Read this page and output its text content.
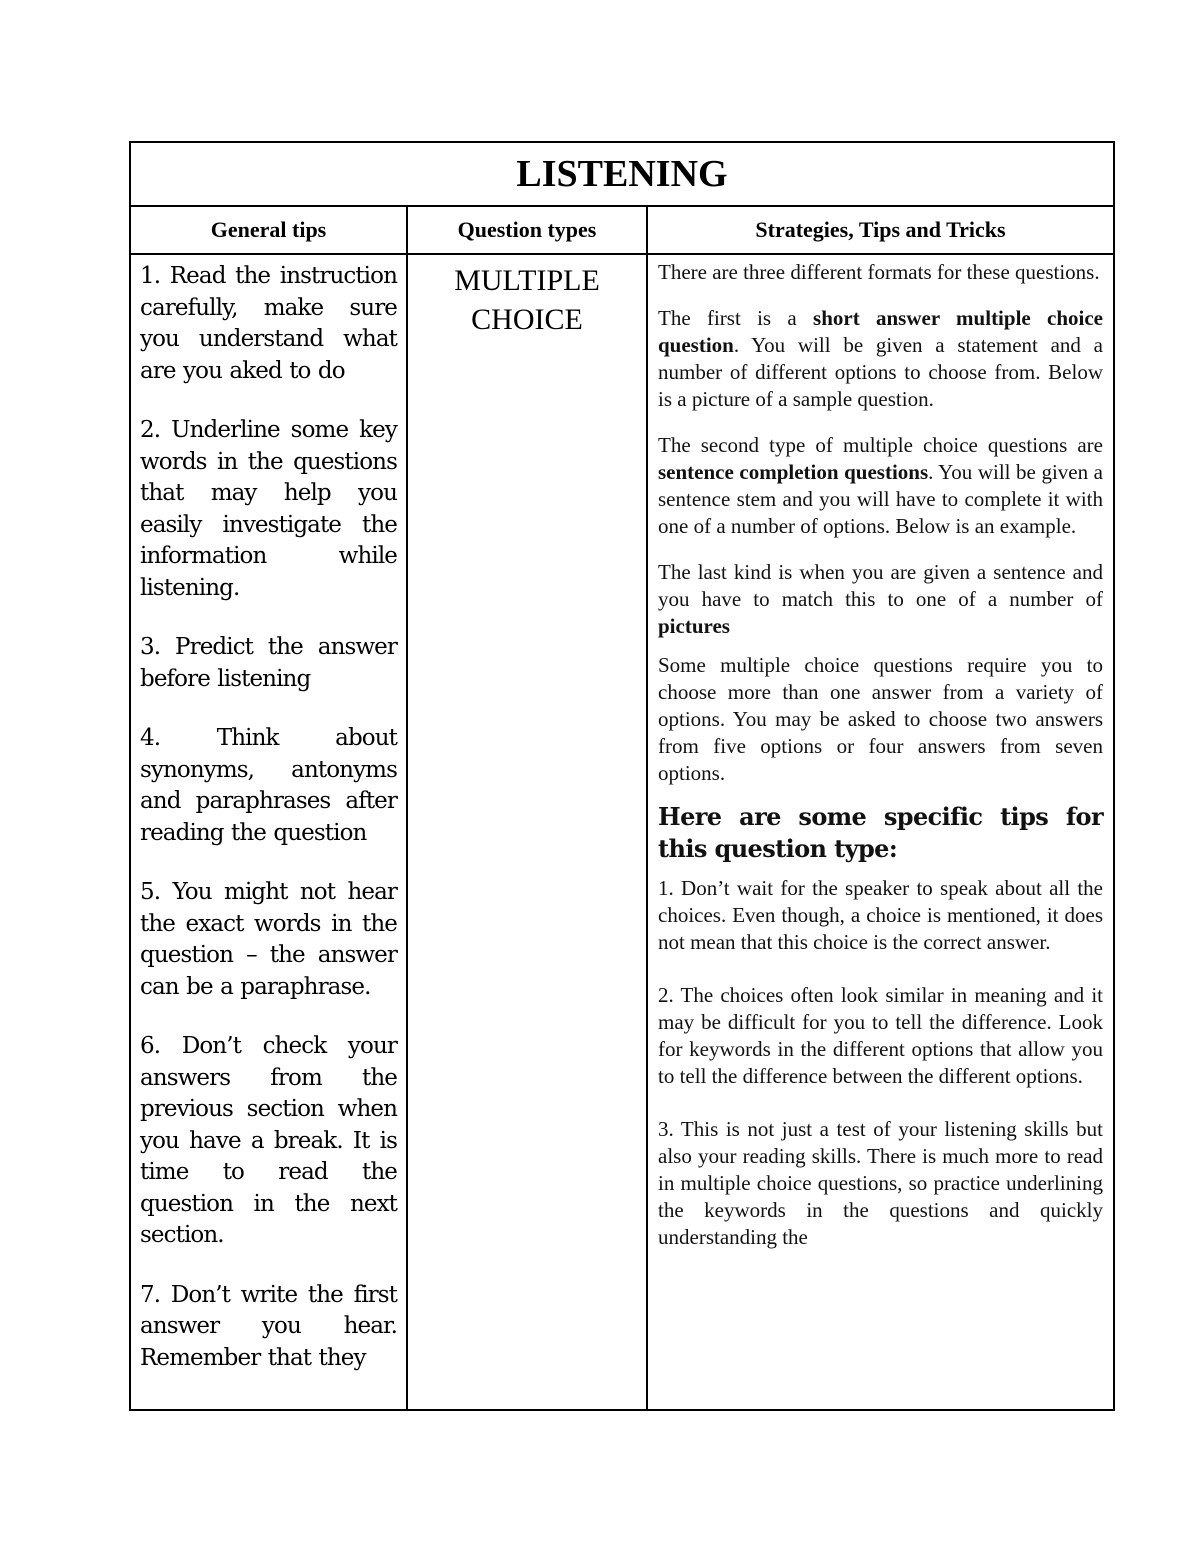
LISTENING
General tips	Question types	Strategies, Tips and Tricks

1. Read the instruction carefully, make sure you understand what are you aked to do

2. Underline some key words in the questions that may help you easily investigate the information while listening.

3. Predict the answer before listening

4. Think about synonyms, antonyms and paraphrases after reading the question

5. You might not hear the exact words in the question – the answer can be a paraphrase.

6. Don’t check your answers from the previous section when you have a break. It is time to read the question in the next section.

7. Don’t write the first answer you hear. Remember that they

MULTIPLE CHOICE

There are three different formats for these questions.

The first is a short answer multiple choice question. You will be given a statement and a number of different options to choose from. Below is a picture of a sample question.

The second type of multiple choice questions are sentence completion questions. You will be given a sentence stem and you will have to complete it with one of a number of options. Below is an example.

The last kind is when you are given a sentence and you have to match this to one of a number of pictures

Some multiple choice questions require you to choose more than one answer from a variety of options. You may be asked to choose two answers from five options or four answers from seven options.

Here are some specific tips for this question type:

1. Don’t wait for the speaker to speak about all the choices. Even though, a choice is mentioned, it does not mean that this choice is the correct answer.

2. The choices often look similar in meaning and it may be difficult for you to tell the difference. Look for keywords in the different options that allow you to tell the difference between the different options.

3. This is not just a test of your listening skills but also your reading skills. There is much more to read in multiple choice questions, so practice underlining the keywords in the questions and quickly understanding the
